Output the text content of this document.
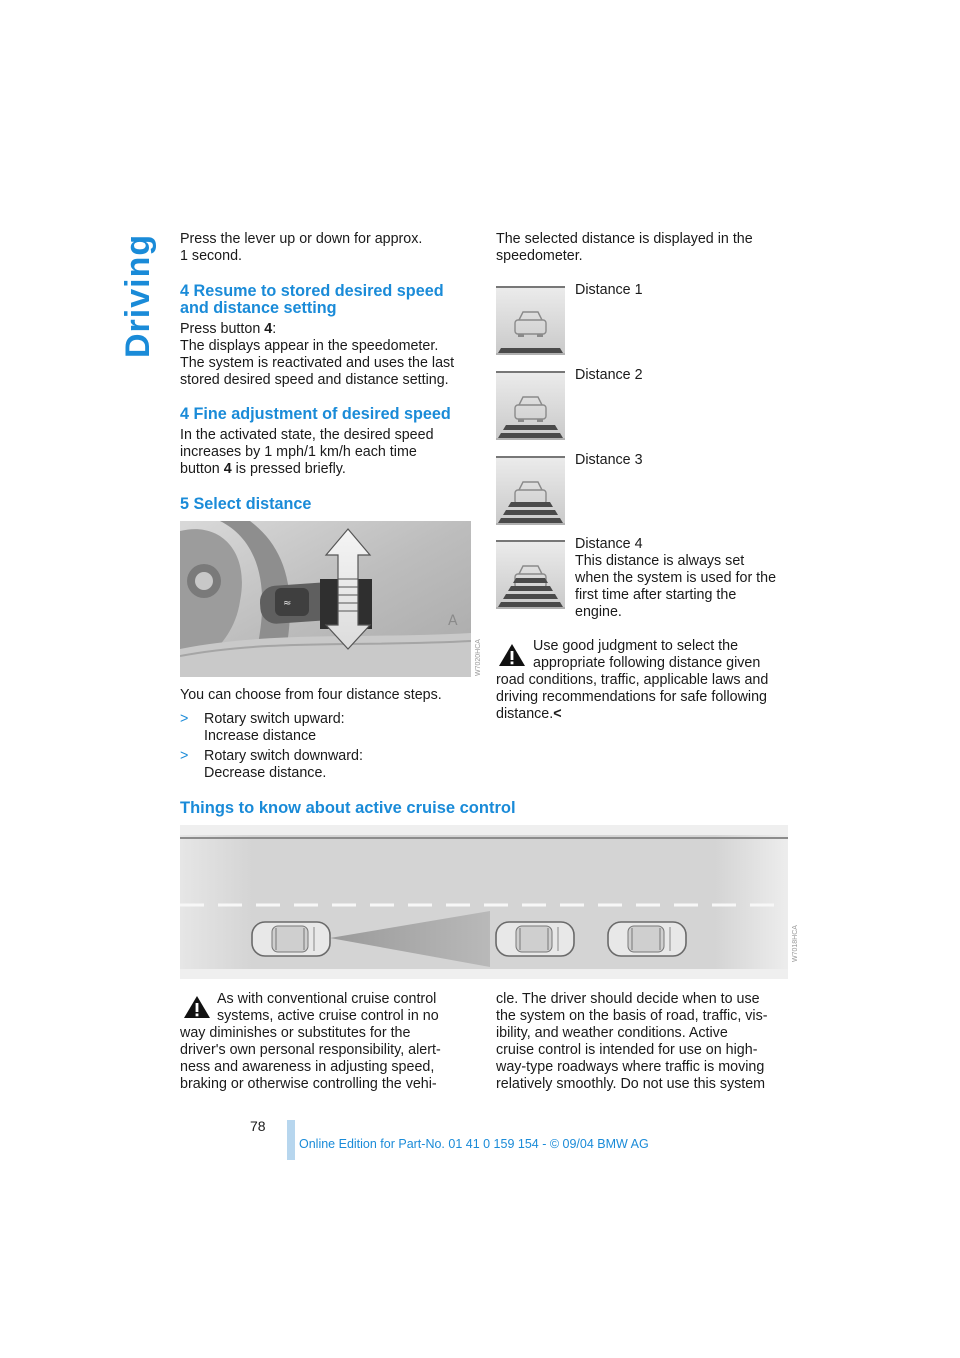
Driving Press the lever up or down for approx.

1 second.

4 Resume to stored desired speed

and distance setting

Press button 4:

The displays appear in the speedometer.

The system is reactivated and uses the last

stored desired speed and distance setting.

4 Fine adjustment of desired speed

In the activated state, the desired speed

increases by 1 mph/1 km/h each time

button 4 is pressed briefly.

5 Select distance

≈
A
W7020HCA

You can choose from four distance steps.

> Rotary switch upward:

Increase distance

> Rotary switch downward:

Decrease distance.

The selected distance is displayed in the

speedometer.

Distance 1
Distance 2
Distance 3

Distance 4

This distance is always set

when the system is used for the

first time after starting the

engine.

Use good judgment to select the

appropriate following distance given

road conditions, traffic, applicable laws and

driving recommendations for safe following

distance.<

Things to know about active cruise control
W7018HCA

As with conventional cruise control

systems, active cruise control in no

way diminishes or substitutes for the

driver's own personal responsibility, alert-

ness and awareness in adjusting speed,

braking or otherwise controlling the vehi-

cle. The driver should decide when to use

the system on the basis of road, traffic, vis-

ibility, and weather conditions. Active

cruise control is intended for use on high-

way-type roadways where traffic is moving

relatively smoothly. Do not use this system

78
Online Edition for Part-No. 01 41 0 159 154 - © 09/04 BMW AG
